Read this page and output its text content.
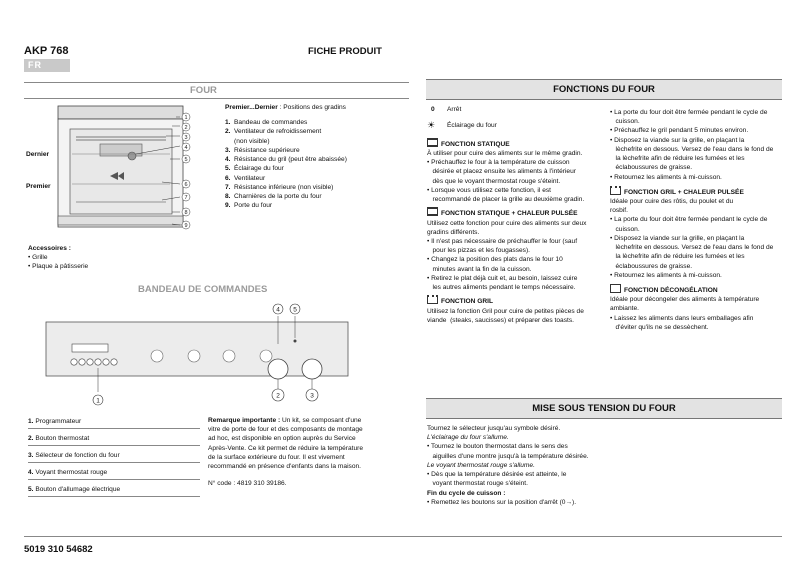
AKP 768
FR
FICHE PRODUIT
FOUR
1
2
3
4
5
6
7
8
9
Dernier
Premier
Premier...Dernier : Positions des gradins
1. Bandeau de commandes
2. Ventilateur de refroidissement
(non visible)
3. Résistance supérieure
4. Résistance du gril (peut être abaissée)
5. Éclairage du four
6. Ventilateur
7. Résistance inférieure (non visible)
8. Charnières de la porte du four
9. Porte du four
Accessoires :
• Grille
• Plaque à pâtisserie
BANDEAU DE COMMANDES
1
2	3
4 5
1. Programmateur
2. Bouton thermostat
3. Sélecteur de fonction du four
4. Voyant thermostat rouge
5. Bouton d'allumage électrique
Remarque importante : Un kit, se composant d'une
vitre de porte de four et des composants de montage
ad hoc, est disponible en option auprès du Service
Après-Vente. Ce kit permet de réduire la température
de la surface extérieure du four. Il est vivement
recommandé en présence d'enfants dans la maison.
N° code : 4819 310 39186.
FONCTIONS DU FOUR
0 Arrêt
☀ Éclairage du four
FONCTION STATIQUE
À utiliser pour cuire des aliments sur le même gradin.
• Préchauffez le four à la température de cuisson
désirée et placez ensuite les aliments à l'intérieur
dès que le voyant thermostat rouge s'éteint.
• Lorsque vous utilisez cette fonction, il est
recommandé de placer la grille au deuxième gradin.
FONCTION STATIQUE + CHALEUR PULSÉE
Utilisez cette fonction pour cuire des aliments sur deux
gradins différents.
• Il n'est pas nécessaire de préchauffer le four (sauf
pour les pizzas et les fougasses).
• Changez la position des plats dans le four 10
minutes avant la fin de la cuisson.
• Retirez le plat déjà cuit et, au besoin, laissez cuire
les autres aliments pendant le temps nécessaire.
FONCTION GRIL
Utilisez la fonction Gril pour cuire de petites pièces de
viande  (steaks, saucisses) et préparer des toasts.
• La porte du four doit être fermée pendant le cycle de
cuisson.
• Préchauffez le gril pendant 5 minutes environ.
• Disposez la viande sur la grille, en plaçant la
lèchefrite en dessous. Versez de l'eau dans le fond de
la lèchefrite afin de réduire les fumées et les
éclaboussures de graisse.
• Retournez les aliments à mi-cuisson.
FONCTION GRIL + CHALEUR PULSÉE
Idéale pour cuire des rôtis, du poulet et du
rosbif.
• La porte du four doit être fermée pendant le cycle de
cuisson.
• Disposez la viande sur la grille, en plaçant la
lèchefrite en dessous. Versez de l'eau dans le fond de
la lèchefrite afin de réduire les fumées et les
éclaboussures de graisse.
• Retournez les aliments à mi-cuisson.
FONCTION DÉCONGÉLATION
Idéale pour décongeler des aliments à température
ambiante.
• Laissez les aliments dans leurs emballages afin
d'éviter qu'ils ne se dessèchent.
MISE SOUS TENSION DU FOUR
Tournez le sélecteur jusqu'au symbole désiré.
L'éclairage du four s'allume.
• Tournez le bouton thermostat dans le sens des
aiguilles d'une montre jusqu'à la température désirée.
Le voyant thermostat rouge s'allume.
• Dès que la température désirée est atteinte, le
voyant thermostat rouge s'éteint.
Fin du cycle de cuisson :
• Remettez les boutons sur la position d'arrêt (0→).
5019 310 54682
